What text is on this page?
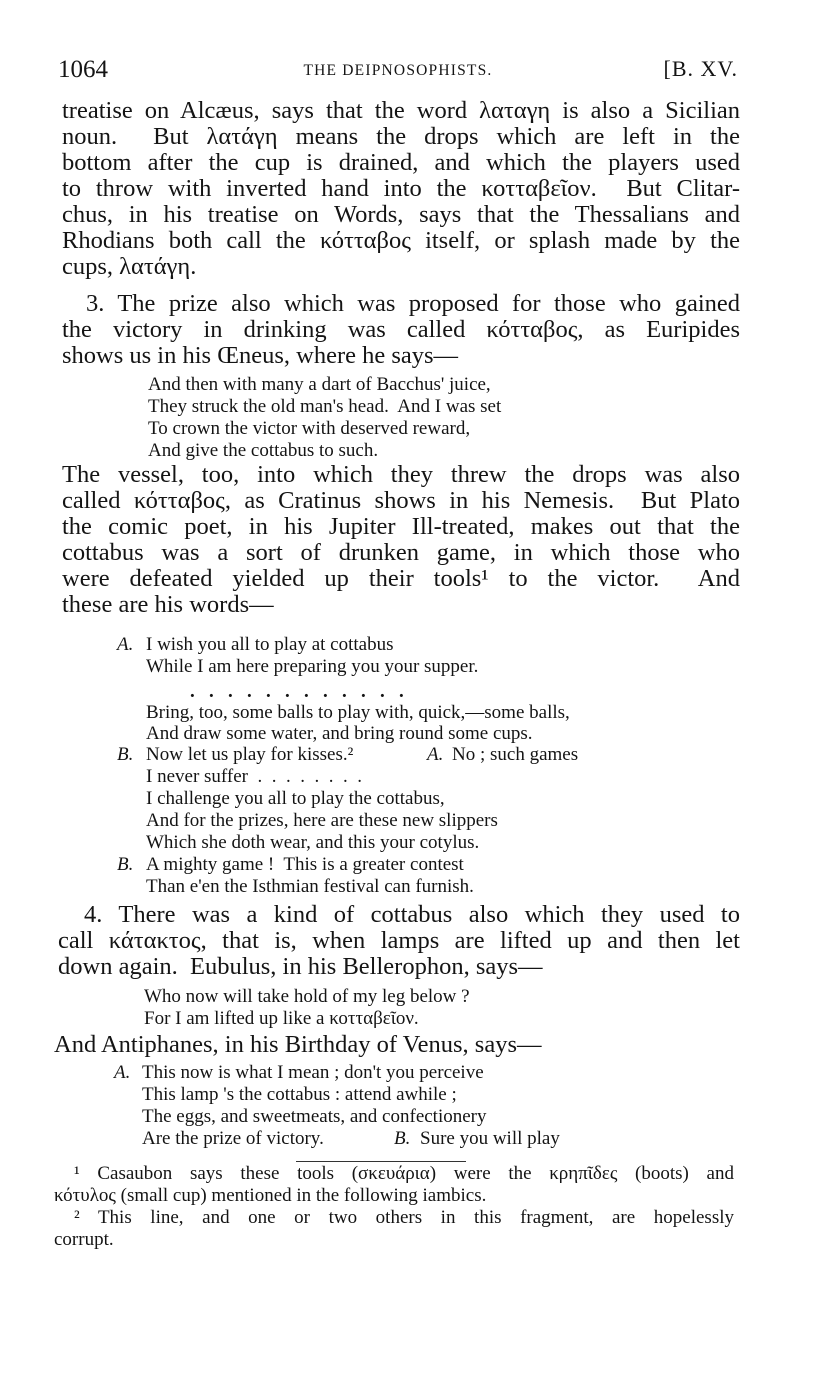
1064	THE DEIPNOSOPHISTS.	[B. XV.
treatise on Alcæus, says that the word λαταγη is also a Sicilian
noun.  But λατάγη means the drops which are left in the
bottom after the cup is drained, and which the players used
to throw with inverted hand into the κοτταβεῖον.  But Clitar-
chus, in his treatise on Words, says that the Thessalians and
Rhodians both call the κότταβος itself, or splash made by the
cups, λατάγη.
3. The prize also which was proposed for those who gained
the victory in drinking was called κότταβος, as Euripides
shows us in his Œneus, where he says—
And then with many a dart of Bacchus' juice,
They struck the old man's head.  And I was set
To crown the victor with deserved reward,
And give the cottabus to such.
The vessel, too, into which they threw the drops was also
called κότταβος, as Cratinus shows in his Nemesis.  But Plato
the comic poet, in his Jupiter Ill-treated, makes out that the
cottabus was a sort of drunken game, in which those who
were defeated yielded up their tools¹ to the victor.  And
these are his words—
A. I wish you all to play at cottabus
While I am here preparing you your supper.
.   .   .   .   .   .   .   .   .   .   .   .
Bring, too, some balls to play with, quick,—some balls,
And draw some water, and bring round some cups.
B. Now let us play for kisses.²	A. No ; such games
I never suffer  .  .  .  .  .  .  .  .
I challenge you all to play the cottabus,
And for the prizes, here are these new slippers
Which she doth wear, and this your cotylus.
B. A mighty game !  This is a greater contest
Than e'en the Isthmian festival can furnish.
4. There was a kind of cottabus also which they used to
call κάτακτος, that is, when lamps are lifted up and then let
down again.  Eubulus, in his Bellerophon, says—
Who now will take hold of my leg below ?
For I am lifted up like a κοτταβεῖον.
And Antiphanes, in his Birthday of Venus, says—
A. This now is what I mean ; don't you perceive
This lamp 's the cottabus : attend awhile ;
The eggs, and sweetmeats, and confectionery
Are the prize of victory.	B. Sure you will play
¹ Casaubon says these tools (σκευάρια) were the κρηπῖδες (boots) and
κότυλος (small cup) mentioned in the following iambics.
² This line, and one or two others in this fragment, are hopelessly
corrupt.
